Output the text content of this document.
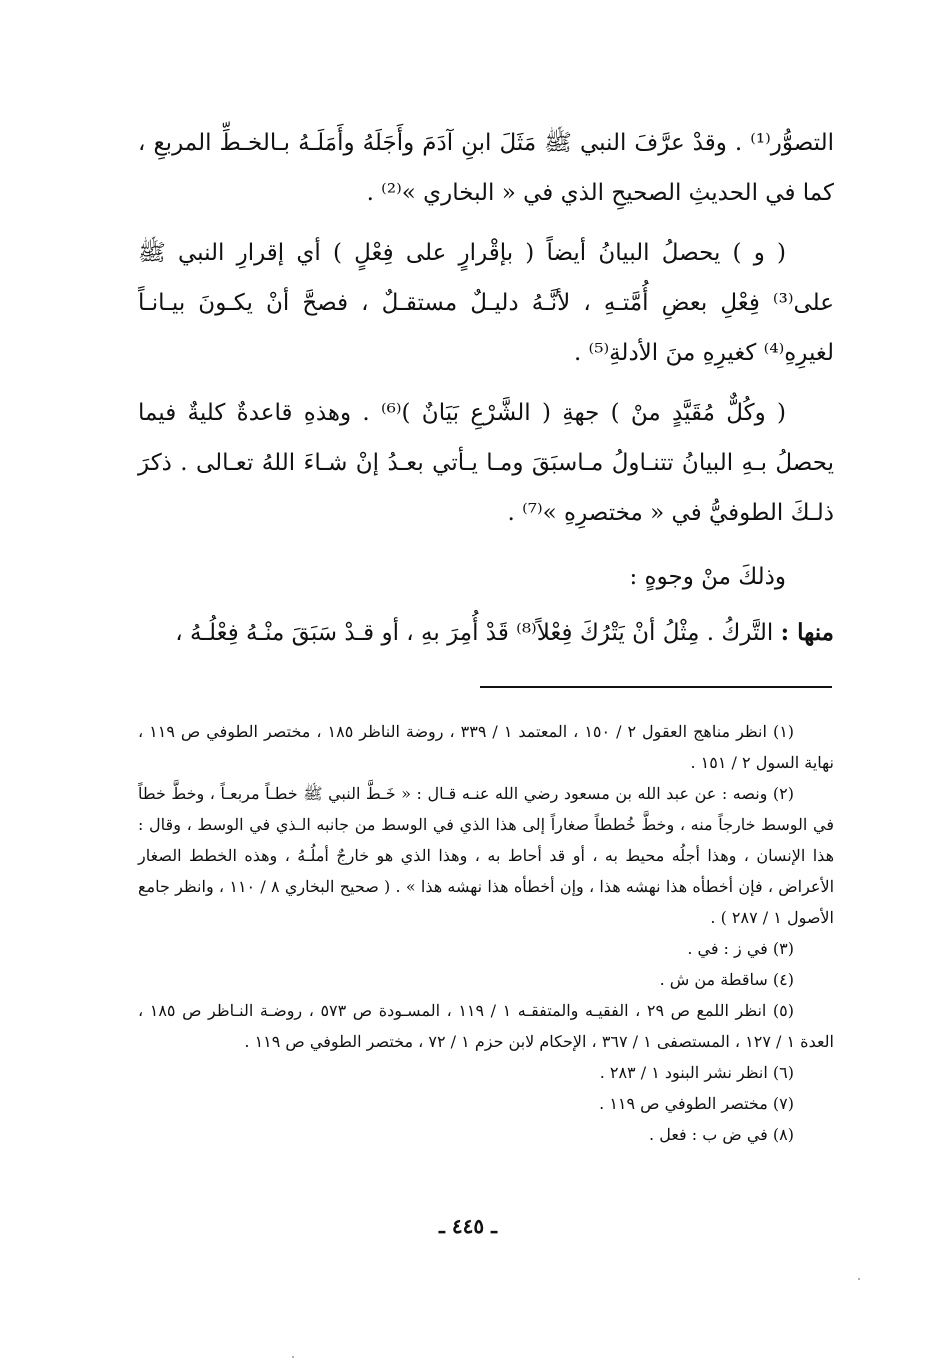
التصوُّر⁽¹⁾ . وقدْ عرَّفَ النبي ﷺ مَثَلَ ابنِ آدَمَ وأَجَلَهُ وأَمَلَـهُ بـالخـطِّ المربعِ ، كما في الحديثِ الصحيحِ الذي في « البخاري »⁽²⁾ .

( و ) يحصلُ البيانُ أيضاً ( بإقْرارٍ على فِعْلٍ ) أي إقرارِ النبي ﷺ على⁽³⁾ فِعْلِ بعضِ أُمَّتـهِ ، لأنَّـهُ دليـلٌ مستقـلٌ ، فصحَّ أنْ يكـونَ بيـانـاً لغيرِهِ⁽⁴⁾ كغيرِهِ منَ الأدلةِ⁽⁵⁾ .

( وكُلٌّ مُقَيَّدٍ منْ ) جهةِ ( الشَّرْعِ بَيَانٌ )⁽⁶⁾ . وهذهِ قاعدةٌ كليةٌ فيما يحصلُ بـهِ البيانُ تتنـاولُ مـاسبَقَ ومـا يـأتي بعـدُ إنْ شـاءَ اللهُ تعـالى . ذكرَ ذلـكَ الطوفيُّ في « مختصرِهِ »⁽⁷⁾ .

وذلكَ منْ وجوهٍ :

منها : التَّركُ . مِثْلُ أنْ يَتْرُكَ فِعْلاً⁽⁸⁾ قَدْ أُمِرَ بهِ ، أو قـدْ سَبَقَ منْـهُ فِعْلُـهُ ،

(١) انظر مناهج العقول ٢ / ١٥٠ ، المعتمد ١ / ٣٣٩ ، روضة الناظر ١٨٥ ، مختصر الطوفي ص ١١٩ ، نهاية السول ٢ / ١٥١ .

(٢) ونصه : عن عبد الله بن مسعود رضي الله عنـه قـال : « خَـطَّ النبي ﷺ خطـاً مربعـاً ، وخطَّ خطاً في الوسط خارجاً منه ، وخطَّ خُططاً صغاراً إلى هذا الذي في الوسط من جانبه الـذي في الوسط ، وقال : هذا الإنسان ، وهذا أجلُه محيط به ، أو قد أحاط به ، وهذا الذي هو خارجٌ أملُـهُ ، وهذه الخطط الصغار الأعراض ، فإن أخطأه هذا نهشه هذا ، وإن أخطأه هذا نهشه هذا » . ( صحيح البخاري ٨ / ١١٠ ، وانظر جامع الأصول ١ / ٢٨٧ ) .

(٣) في ز : في .

(٤) ساقطة من ش .

(٥) انظر اللمع ص ٢٩ ، الفقيـه والمتفقـه ١ / ١١٩ ، المسـودة ص ٥٧٣ ، روضـة النـاظر ص ١٨٥ ، العدة ١ / ١٢٧ ، المستصفى ١ / ٣٦٧ ، الإحكام لابن حزم ١ / ٧٢ ، مختصر الطوفي ص ١١٩ .

(٦) انظر نشر البنود ١ / ٢٨٣ .

(٧) مختصر الطوفي ص ١١٩ .

(٨) في ض ب : فعل .

ـ ٤٤٥ ـ
